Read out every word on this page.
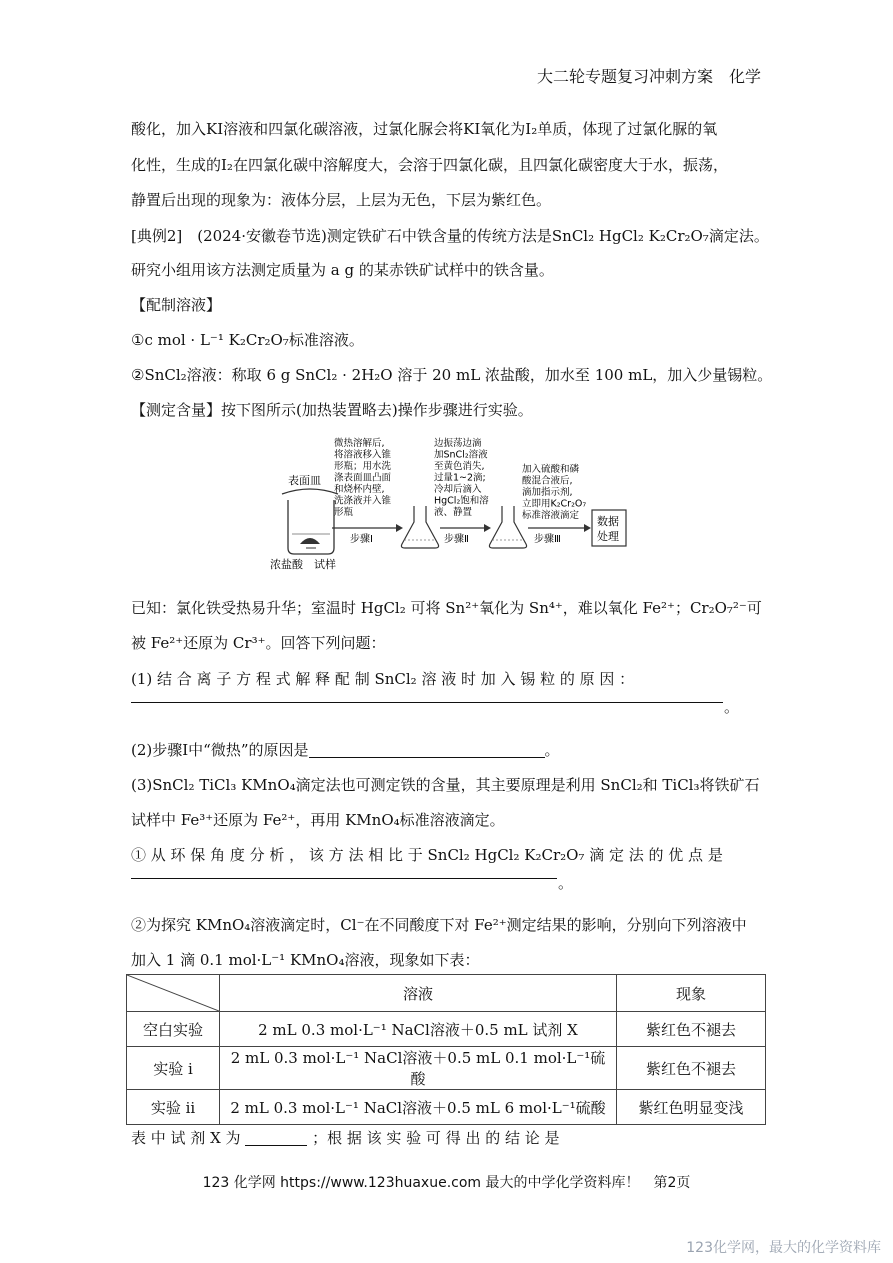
大二轮专题复习冲刺方案　化学
酸化，加入KI溶液和四氯化碳溶液，过氯化脲会将KI氧化为I₂单质，体现了过氯化脲的氧
化性，生成的I₂在四氯化碳中溶解度大，会溶于四氯化碳，且四氯化碳密度大于水，振荡，
静置后出现的现象为：液体分层，上层为无色，下层为紫红色。
[典例2]　(2024·安徽卷节选)测定铁矿石中铁含量的传统方法是SnCl₂ HgCl₂ K₂Cr₂O₇滴定法。
研究小组用该方法测定质量为 a g 的某赤铁矿试样中的铁含量。
【配制溶液】
①c mol · L⁻¹ K₂Cr₂O₇标准溶液。
②SnCl₂溶液：称取 6 g SnCl₂ · 2H₂O 溶于 20 mL 浓盐酸，加水至 100 mL，加入少量锡粒。
【测定含量】按下图所示(加热装置略去)操作步骤进行实验。
表面皿
浓盐酸 试样
微热溶解后,将溶液移入锥形瓶；用水洗涤表面皿凸面和烧杯内壁,洗涤液并入锥形瓶
步骤Ⅰ
边振荡边滴加SnCl₂溶液至黄色消失,过量1~2滴;冷却后滴入 HgCl₂饱和溶液、静置
步骤Ⅱ
加入硫酸和磷酸混合液后,滴加指示剂,立即用K₂Cr₂O₇ 标准溶液滴定
步骤Ⅲ
数据
处理
已知：氯化铁受热易升华；室温时 HgCl₂ 可将 Sn²⁺氧化为 Sn⁴⁺，难以氧化 Fe²⁺；Cr₂O₇²⁻可
被 Fe²⁺还原为 Cr³⁺。回答下列问题：
(1) 结 合 离 子 方 程 式 解 释 配 制 SnCl₂ 溶 液 时 加 入 锡 粒 的 原 因 ：
。
(2)步骤Ⅰ中“微热”的原因是	。
(3)SnCl₂ TiCl₃ KMnO₄滴定法也可测定铁的含量，其主要原理是利用 SnCl₂和 TiCl₃将铁矿石
试样中 Fe³⁺还原为 Fe²⁺，再用 KMnO₄标准溶液滴定。
① 从 环 保 角 度 分 析 ， 该 方 法 相 比 于 SnCl₂ HgCl₂ K₂Cr₂O₇ 滴 定 法 的 优 点 是
。
②为探究 KMnO₄溶液滴定时，Cl⁻在不同酸度下对 Fe²⁺测定结果的影响，分别向下列溶液中
加入 1 滴 0.1 mol·L⁻¹ KMnO₄溶液，现象如下表：
	溶液	现象
空白实验	2 mL 0.3 mol·L⁻¹ NaCl溶液＋0.5 mL 试剂 X	紫红色不褪去
实验 i	2 mL 0.3 mol·L⁻¹ NaCl溶液＋0.5 mL 0.1 mol·L⁻¹硫酸	紫红色不褪去
实验 ii	2 mL 0.3 mol·L⁻¹ NaCl溶液＋0.5 mL 6 mol·L⁻¹硫酸	紫红色明显变浅
表 中 试 剂 X 为	；根 据 该 实 验 可 得 出 的 结 论 是
123 化学网 https://www.123huaxue.com 最大的中学化学资料库！　第2页
123化学网，最大的化学资料库
